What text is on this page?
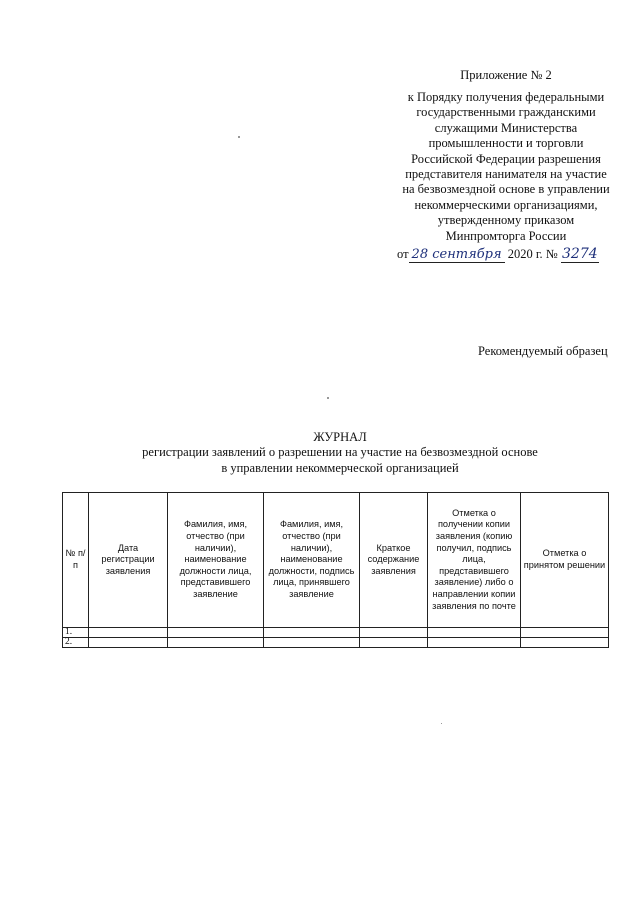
Приложение № 2
к Порядку получения федеральными
государственными гражданскими
служащими Министерства
промышленности и торговли
Российской Федерации разрешения
представителя нанимателя на участие
на безвозмездной основе в управлении
некоммерческими организациями,
утвержденному приказом
Минпромторга России
от 28 сентября 2020 г. № 3274
Рекомендуемый образец
ЖУРНАЛ
регистрации заявлений о разрешении на участие на безвозмездной основе
в управлении некоммерческой организацией
№ п/п	Дата регистрации заявления	Фамилия, имя, отчество (при наличии), наименование должности лица, представившего заявление	Фамилия, имя, отчество (при наличии), наименование должности, подпись лица, принявшего заявление	Краткое содержание заявления	Отметка о получении копии заявления (копию получил, подпись лица, представившего заявление) либо о направлении копии заявления по почте	Отметка о принятом решении
1.						
2.						
